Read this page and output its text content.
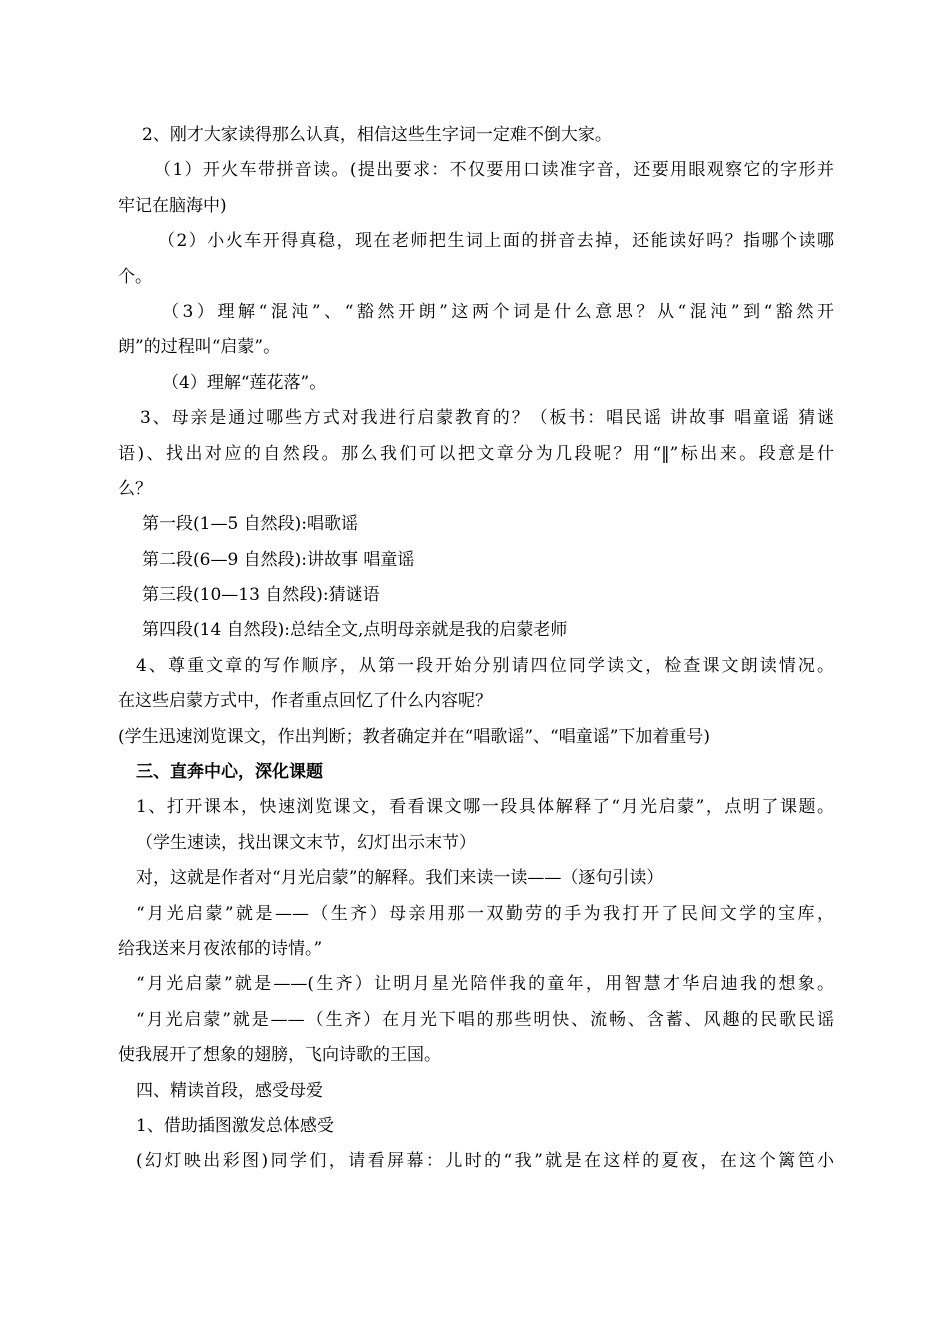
2、刚才大家读得那么认真，相信这些生字词一定难不倒大家。
（1）开火车带拼音读。(提出要求：不仅要用口读准字音，还要用眼观察它的字形并
牢记在脑海中)
（2）小火车开得真稳，现在老师把生词上面的拼音去掉，还能读好吗？指哪个读哪
个。
（3）理解“混沌”、“豁然开朗”这两个词是什么意思？从“混沌”到“豁然开
朗”的过程叫“启蒙”。
（4）理解“莲花落”。
3、母亲是通过哪些方式对我进行启蒙教育的？（板书：唱民谣 讲故事 唱童谣 猜谜
语)、找出对应的自然段。那么我们可以把文章分为几段呢？用“‖”标出来。段意是什
么？
第一段(1—5 自然段):唱歌谣
第二段(6—9 自然段):讲故事 唱童谣
第三段(10—13 自然段):猜谜语
第四段(14 自然段):总结全文,点明母亲就是我的启蒙老师
4、尊重文章的写作顺序，从第一段开始分别请四位同学读文，检查课文朗读情况。
在这些启蒙方式中，作者重点回忆了什么内容呢？
(学生迅速浏览课文，作出判断；教者确定并在“唱歌谣”、“唱童谣”下加着重号)
三、直奔中心，深化课题
1、打开课本，快速浏览课文，看看课文哪一段具体解释了“月光启蒙”，点明了课题。
（学生速读，找出课文末节，幻灯出示末节）
对，这就是作者对“月光启蒙”的解释。我们来读一读——（逐句引读）
“月光启蒙”就是——（生齐）母亲用那一双勤劳的手为我打开了民间文学的宝库，
给我送来月夜浓郁的诗情。”
“月光启蒙”就是——(生齐）让明月星光陪伴我的童年，用智慧才华启迪我的想象。
“月光启蒙”就是——（生齐）在月光下唱的那些明快、流畅、含蓄、风趣的民歌民谣
使我展开了想象的翅膀，飞向诗歌的王国。
四、精读首段，感受母爱
1、借助插图激发总体感受
(幻灯映出彩图)同学们，请看屏幕：儿时的“我”就是在这样的夏夜，在这个篱笆小
